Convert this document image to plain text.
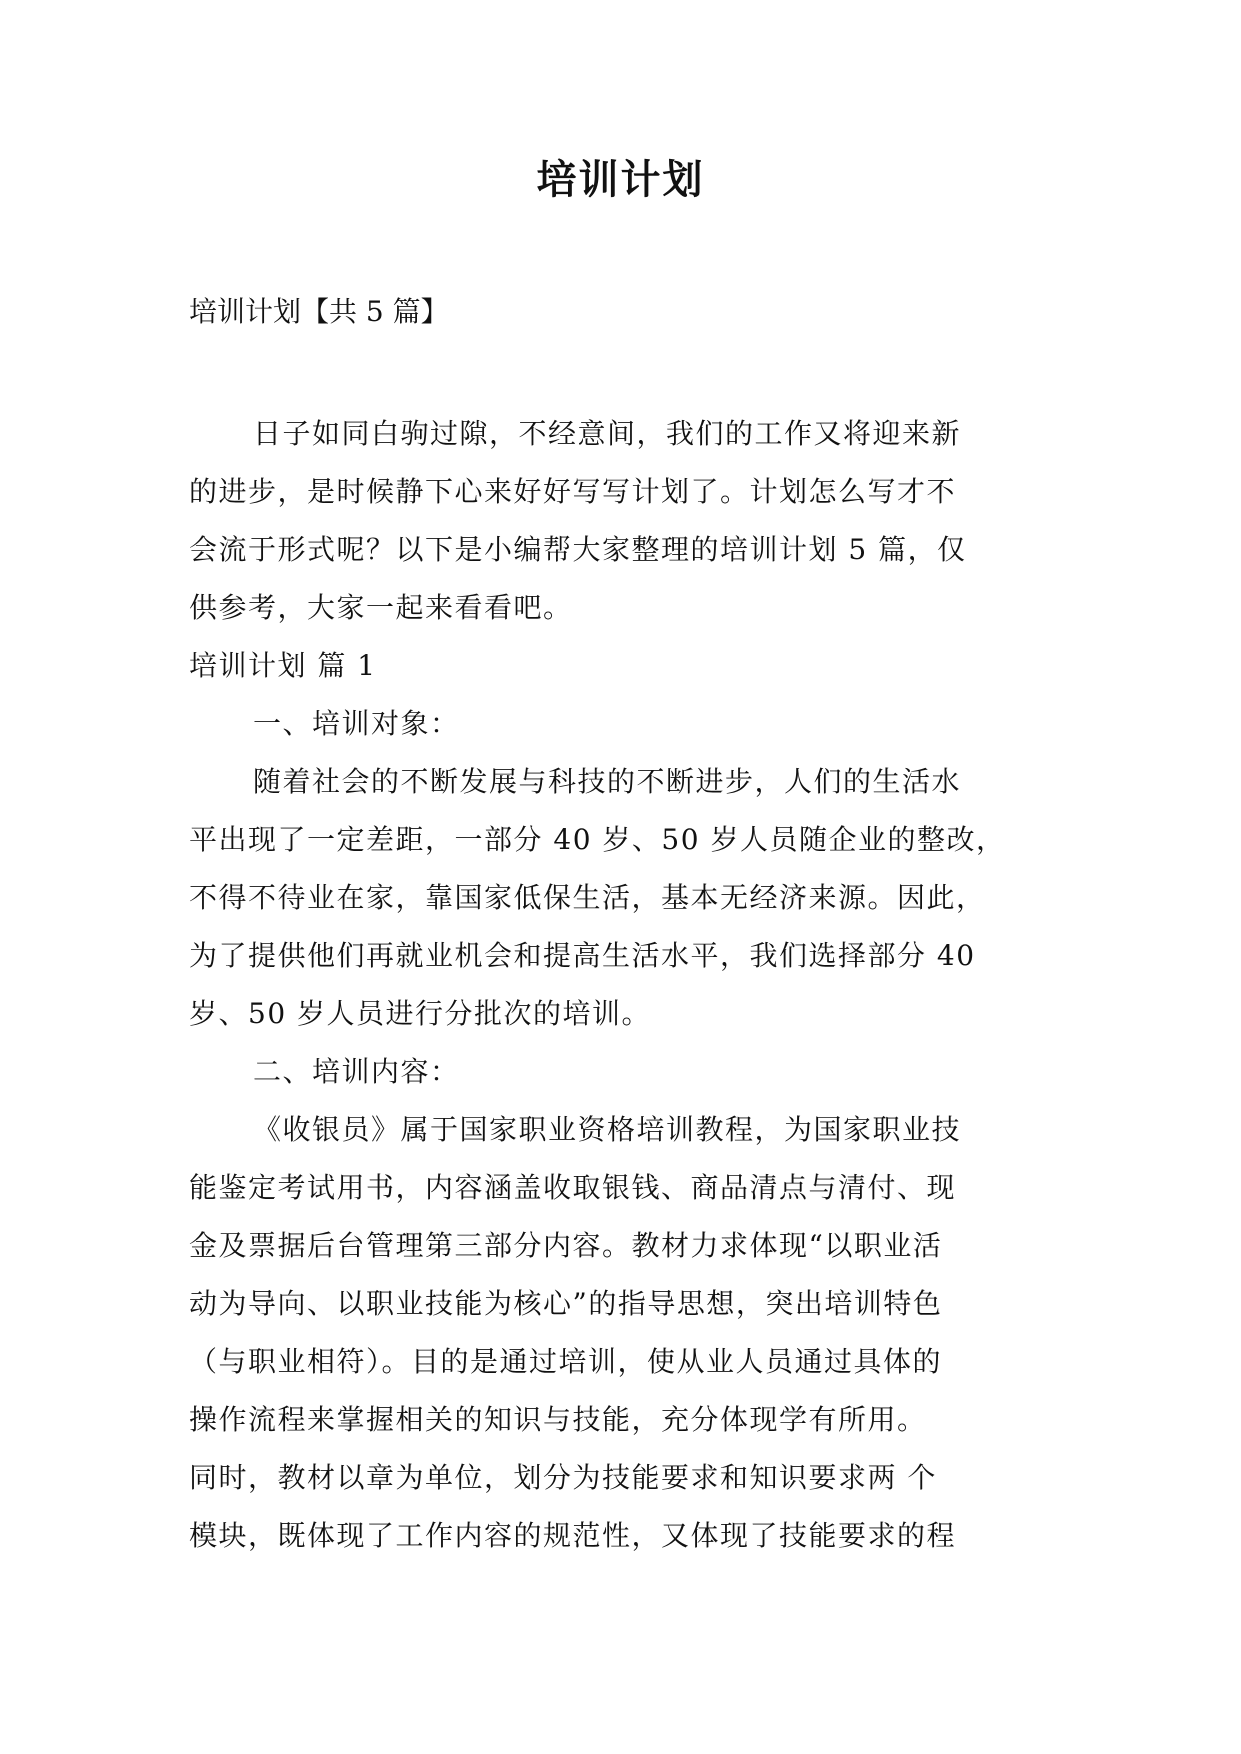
培训计划

培训计划【共 5 篇】

日子如同白驹过隙，不经意间，我们的工作又将迎来新

的进步，是时候静下心来好好写写计划了。计划怎么写才不

会流于形式呢？以下是小编帮大家整理的培训计划 5 篇，仅

供参考，大家一起来看看吧。

培训计划 篇 1

一、培训对象：

随着社会的不断发展与科技的不断进步，人们的生活水

平出现了一定差距，一部分 40 岁、50 岁人员随企业的整改，

不得不待业在家，靠国家低保生活，基本无经济来源。因此，

为了提供他们再就业机会和提高生活水平，我们选择部分 40

岁、50 岁人员进行分批次的培训。

二、培训内容：

《收银员》属于国家职业资格培训教程，为国家职业技

能鉴定考试用书，内容涵盖收取银钱、商品清点与清付、现

金及票据后台管理第三部分内容。教材力求体现“以职业活

动为导向、以职业技能为核心”的指导思想，突出培训特色

（与职业相符）。目的是通过培训，使从业人员通过具体的

操作流程来掌握相关的知识与技能，充分体现学有所用。

同时，教材以章为单位，划分为技能要求和知识要求两 个

模块，既体现了工作内容的规范性，又体现了技能要求的程
